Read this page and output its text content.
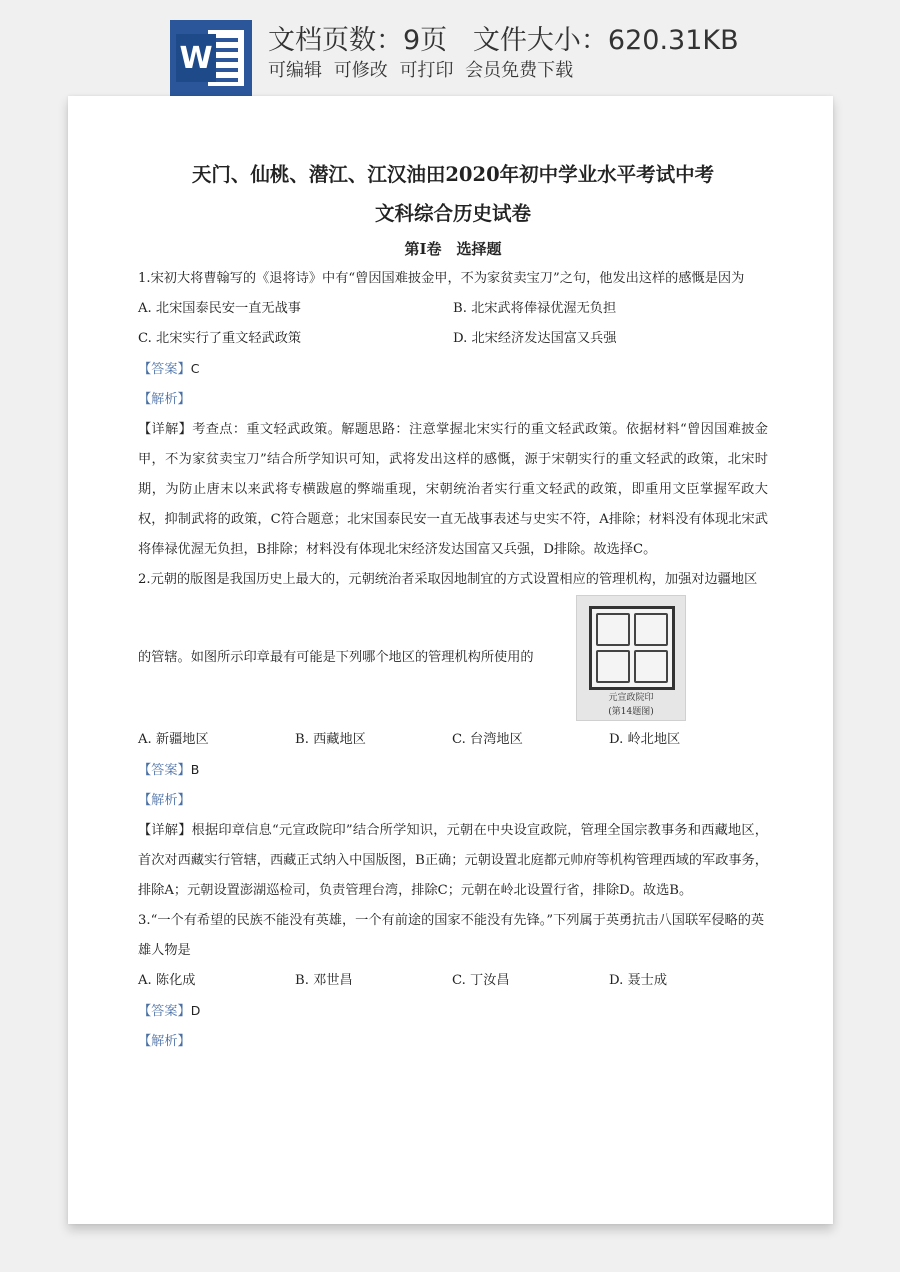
W
文档页数：9页   文件大小：620.31KB
可编辑 可修改 可打印 会员免费下载
天门、仙桃、潜江、江汉油田2020年初中学业水平考试中考
文科综合历史试卷
第Ⅰ卷　选择题

1.宋初大将曹翰写的《退将诗》中有“曾因国难披金甲，不为家贫卖宝刀”之句，他发出这样的感慨是因为

A. 北宋国泰民安一直无战事	B. 北宋武将俸禄优渥无负担
C. 北宋实行了重文轻武政策	D. 北宋经济发达国富又兵强

【答案】C

【解析】

【详解】考查点：重文轻武政策。解题思路：注意掌握北宋实行的重文轻武政策。依据材料“曾因国难披金甲，不为家贫卖宝刀”结合所学知识可知，武将发出这样的感慨，源于宋朝实行的重文轻武的政策，北宋时期，为防止唐末以来武将专横跋扈的弊端重现，宋朝统治者实行重文轻武的政策，即重用文臣掌握军政大权，抑制武将的政策，C符合题意；北宋国泰民安一直无战事表述与史实不符，A排除；材料没有体现北宋武将俸禄优渥无负担，B排除；材料没有体现北宋经济发达国富又兵强，D排除。故选择C。

2.元朝的版图是我国历史上最大的，元朝统治者采取因地制宜的方式设置相应的管理机构，加强对边疆地区

的管辖。如图所示印章最有可能是下列哪个地区的管理机构所使用的

元宣政院印
(第14题图)
A. 新疆地区	B. 西藏地区	C. 台湾地区	D. 岭北地区

【答案】B

【解析】

【详解】根据印章信息“元宣政院印”结合所学知识，元朝在中央设宣政院，管理全国宗教事务和西藏地区，首次对西藏实行管辖，西藏正式纳入中国版图，B正确；元朝设置北庭都元帅府等机构管理西域的军政事务，排除A；元朝设置澎湖巡检司，负责管理台湾，排除C；元朝在岭北设置行省，排除D。故选B。

3.“一个有希望的民族不能没有英雄，一个有前途的国家不能没有先锋。”下列属于英勇抗击八国联军侵略的英雄人物是

A. 陈化成	B. 邓世昌	C. 丁汝昌	D. 聂士成

【答案】D

【解析】
